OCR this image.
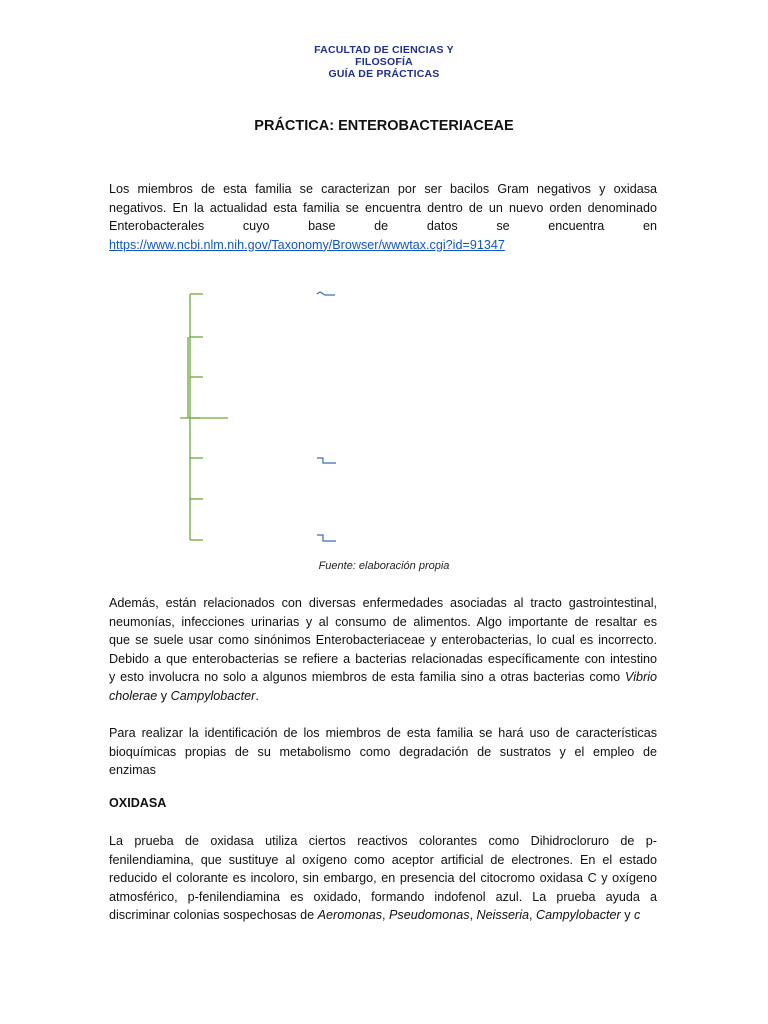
FACULTAD DE CIENCIAS Y
FILOSOFÍA
GUÍA DE PRÁCTICAS
PRÁCTICA: ENTEROBACTERIACEAE
Los miembros de esta familia se caracterizan por ser bacilos Gram negativos y oxidasa
negativos. En la actualidad esta familia se encuentra dentro de un nuevo orden denominado
Enterobacterales cuyo base de datos se encuentra en
https://www.ncbi.nlm.nih.gov/Taxonomy/Browser/wwwtax.cgi?id=91347
Fuente: elaboración propia
Además, están relacionados con diversas enfermedades asociadas al tracto gastrointestinal,
neumonías, infecciones urinarias y al consumo de alimentos. Algo importante de resaltar es
que se suele usar como sinónimos Enterobacteriaceae y enterobacterias, lo cual es incorrecto.
Debido a que enterobacterias se refiere a bacterias relacionadas específicamente con intestino
y esto involucra no solo a algunos miembros de esta familia sino a otras bacterias como Vibrio
cholerae y Campylobacter.
Para realizar la identificación de los miembros de esta familia se hará uso de características
bioquímicas propias de su metabolismo como degradación de sustratos y el empleo de
enzimas
OXIDASA
La prueba de oxidasa utiliza ciertos reactivos colorantes como Dihidrocloruro de p-
fenilendiamina, que sustituye al oxígeno como aceptor artificial de electrones. En el estado
reducido el colorante es incoloro, sin embargo, en presencia del citocromo oxidasa C y oxígeno
atmosférico, p-fenilendiamina es oxidado, formando indofenol azul. La prueba ayuda a
discriminar colonias sospechosas de Aeromonas, Pseudomonas, Neisseria, Campylobacter y c
